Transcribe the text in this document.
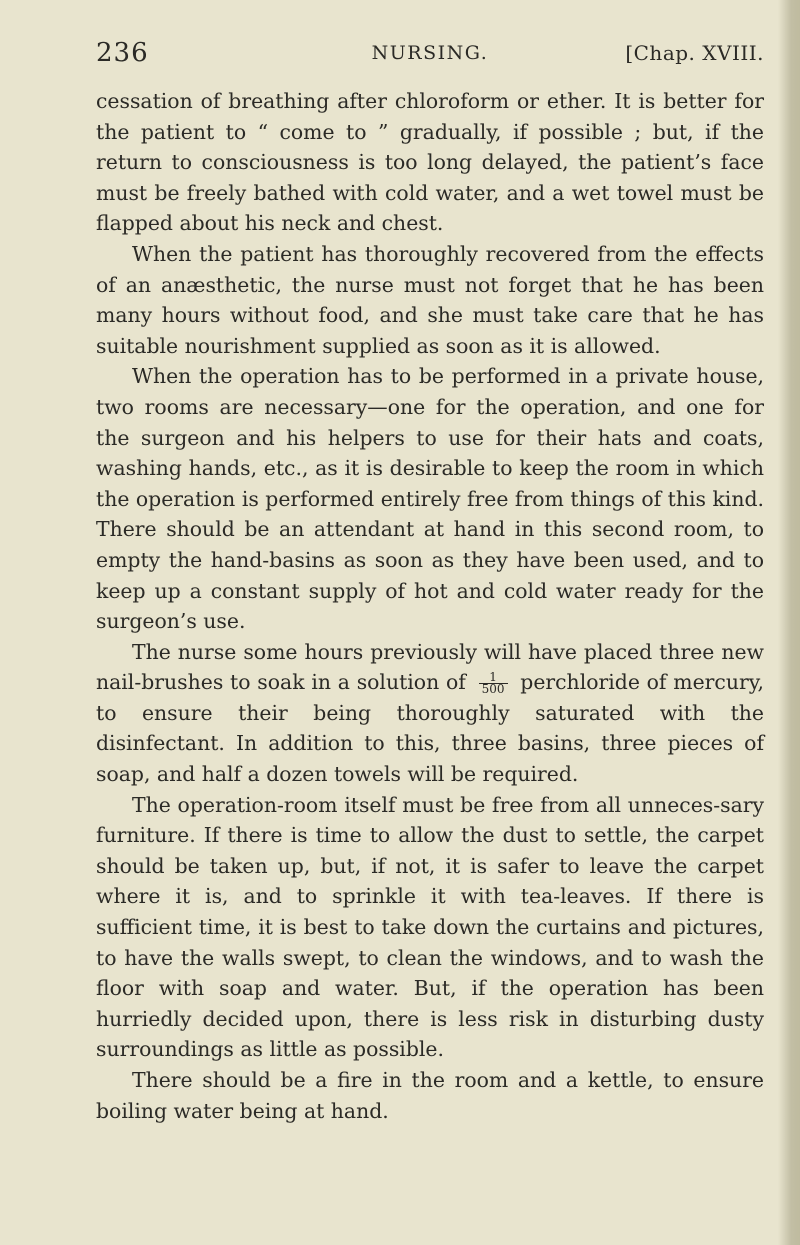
236	NURSING.	[Chap. XVIII.

cessation of breathing after chloroform or ether. It is better for the patient to “ come to ” gradually, if possible ; but, if the return to consciousness is too long delayed, the patient’s face must be freely bathed with cold water, and a wet towel must be flapped about his neck and chest.

When the patient has thoroughly recovered from the effects of an anæsthetic, the nurse must not forget that he has been many hours without food, and she must take care that he has suitable nourishment supplied as soon as it is allowed.

When the operation has to be performed in a private house, two rooms are necessary—one for the operation, and one for the surgeon and his helpers to use for their hats and coats, washing hands, etc., as it is desirable to keep the room in which the operation is performed entirely free from things of this kind. There should be an attendant at hand in this second room, to empty the hand-basins as soon as they have been used, and to keep up a constant supply of hot and cold water ready for the surgeon’s use.

The nurse some hours previously will have placed three new nail-brushes to soak in a solution of $\frac{1}{500}$ perchloride of mercury, to ensure their being thoroughly saturated with the disinfectant. In addition to this, three basins, three pieces of soap, and half a dozen towels will be required.

The operation-room itself must be free from all unneces-sary furniture. If there is time to allow the dust to settle, the carpet should be taken up, but, if not, it is safer to leave the carpet where it is, and to sprinkle it with tea-leaves. If there is sufficient time, it is best to take down the curtains and pictures, to have the walls swept, to clean the windows, and to wash the floor with soap and water. But, if the operation has been hurriedly decided upon, there is less risk in disturbing dusty surroundings as little as possible.

There should be a fire in the room and a kettle, to ensure boiling water being at hand.
